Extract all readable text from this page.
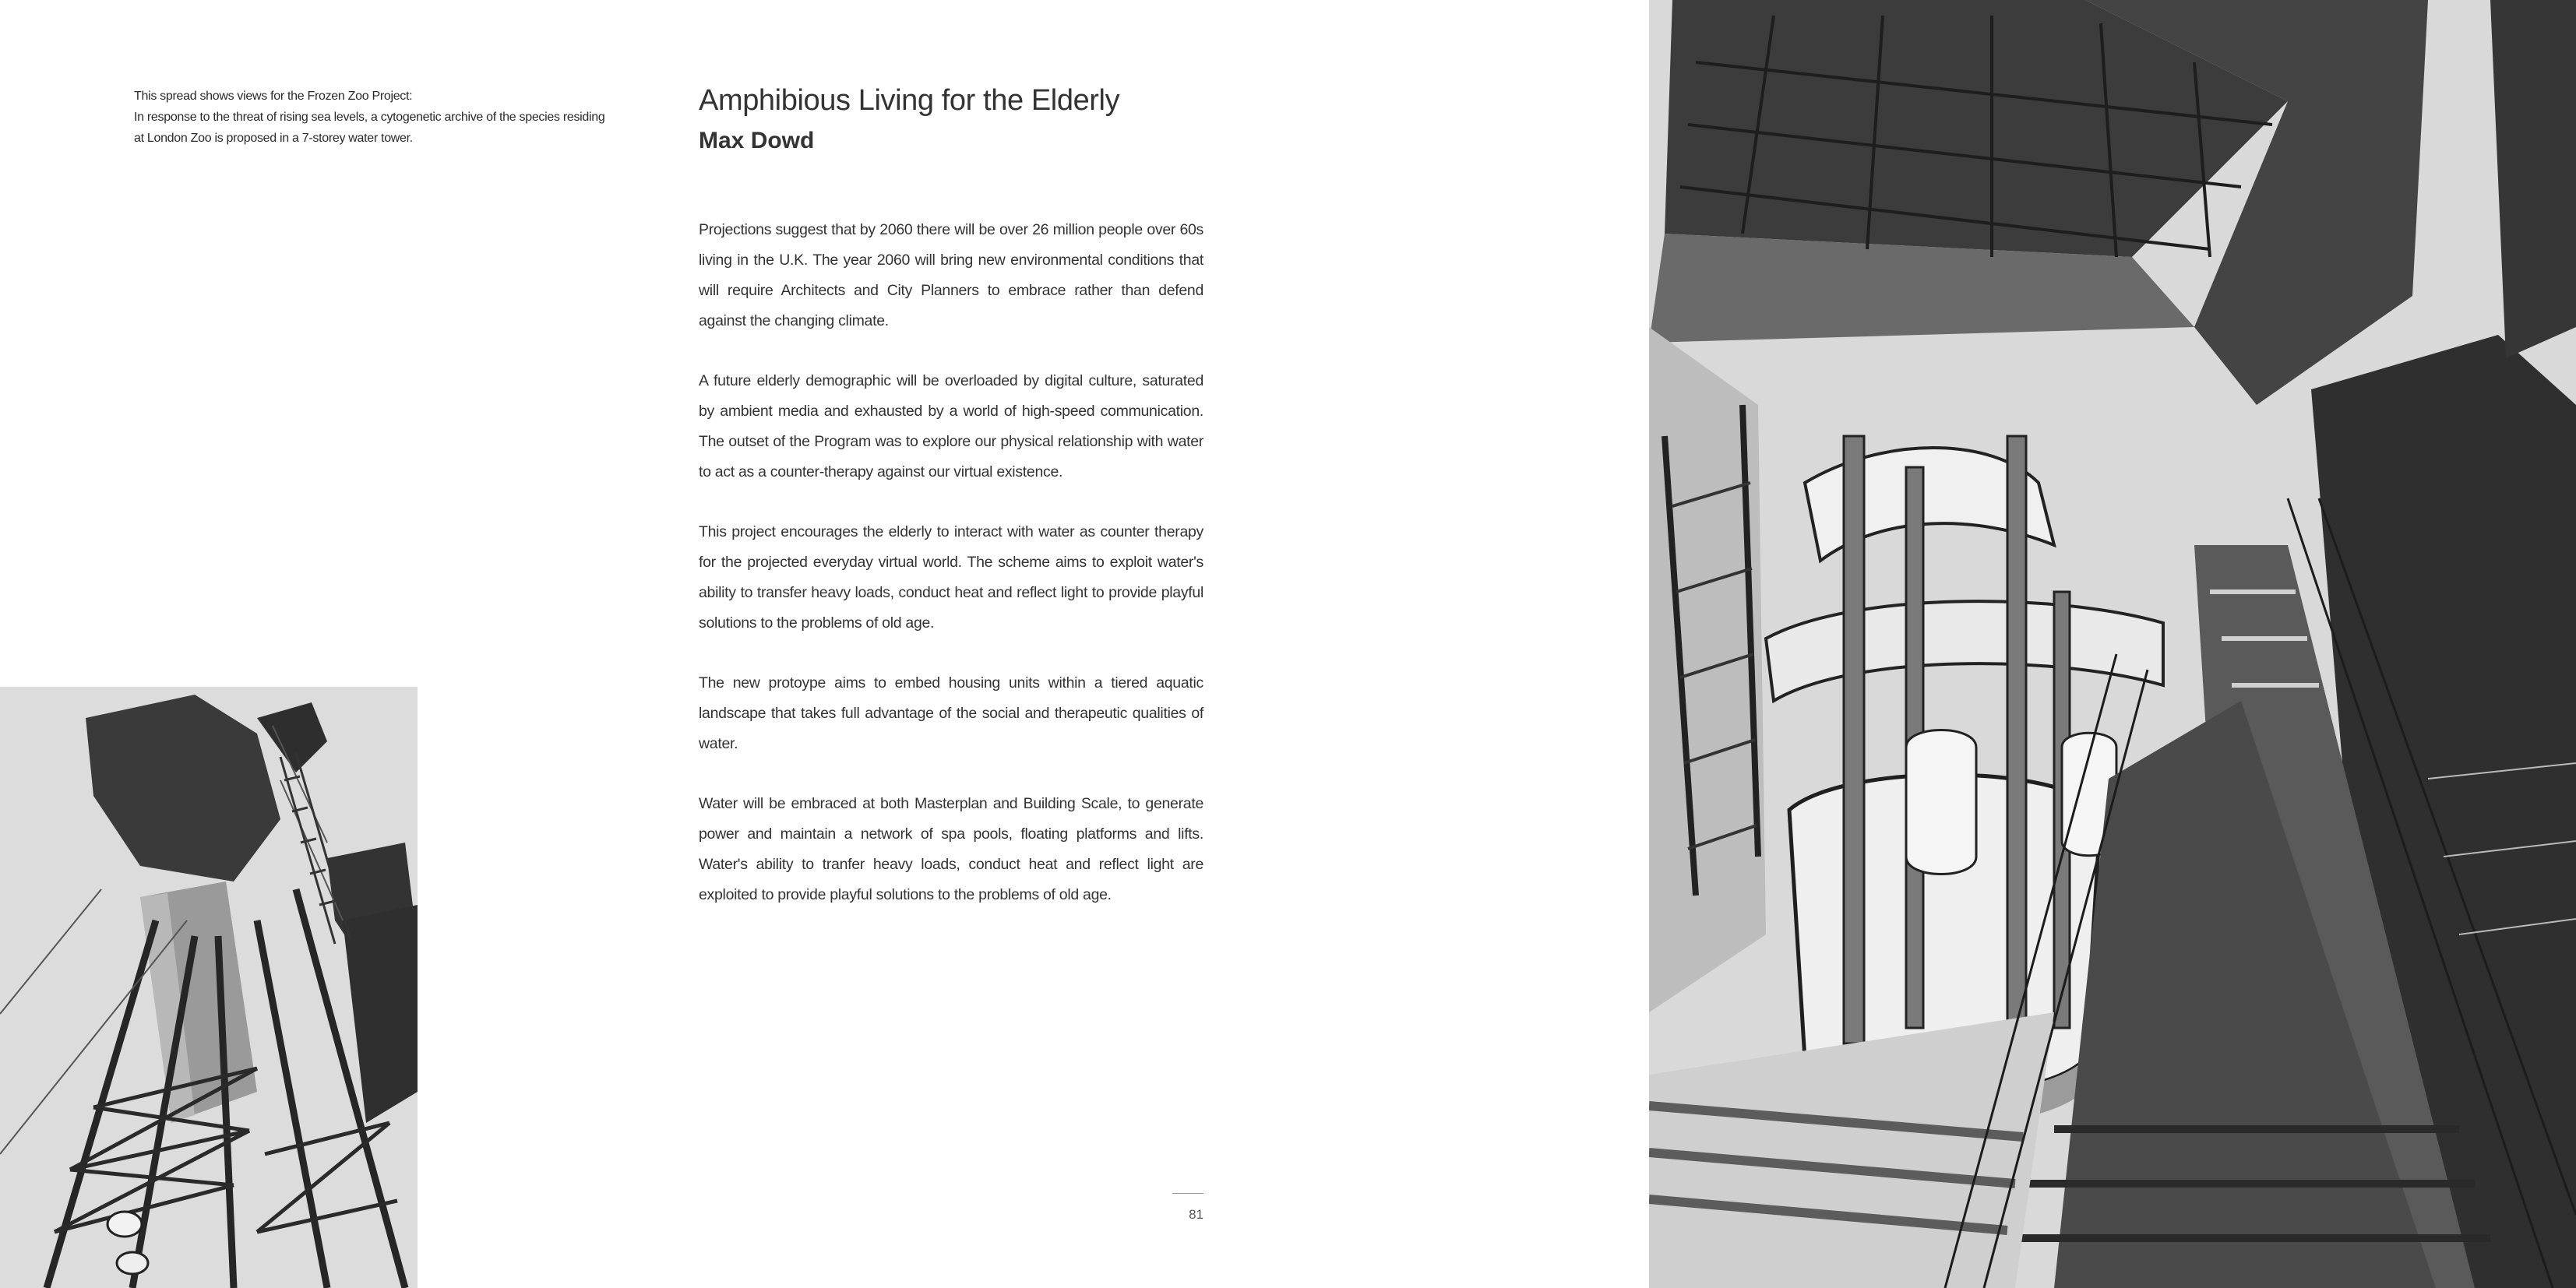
This spread shows views for the Frozen Zoo Project:
In response to the threat of rising sea levels, a cytogenetic archive of the species residing
at London Zoo is proposed in a 7-storey water tower.
Amphibious Living for the Elderly
Max Dowd

Projections suggest that by 2060 there will be over 26 million people over 60s living in the U.K. The year 2060 will bring new environmental conditions that will require Architects and City Planners to embrace rather than defend against the changing climate.

A future elderly demographic will be overloaded by digital culture, saturated by ambient media and exhausted by a world of high-speed communication. The outset of the Program was to explore our physical relationship with water to act as a counter-therapy against our virtual existence.

This project encourages the elderly to interact with water as counter therapy for the projected everyday virtual world. The scheme aims to exploit water's ability to transfer heavy loads, conduct heat and reflect light to provide playful solutions to the problems of old age.

The new protoype aims to embed housing units within a tiered aquatic landscape that takes full advantage of the social and therapeutic qualities of water.

Water will be embraced at both Masterplan and Building Scale, to generate power and maintain a network of spa pools, floating platforms and lifts. Water's ability to tranfer heavy loads, conduct heat and reflect light are exploited to provide playful solutions to the problems of old age.

81
